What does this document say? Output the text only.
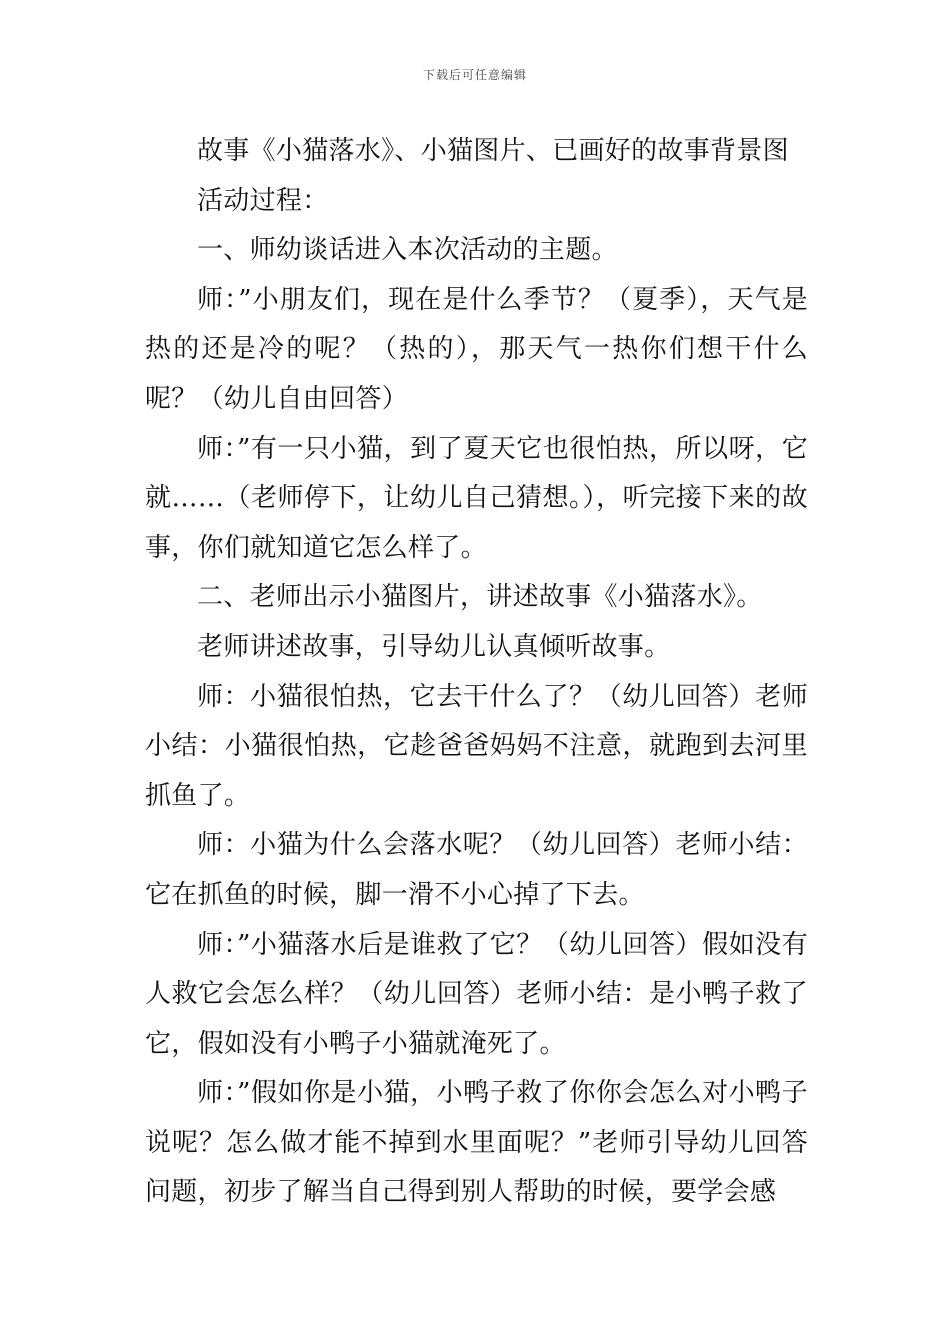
下载后可任意编辑

故事《小猫落水》、小猫图片、已画好的故事背景图

活动过程：

一、师幼谈话进入本次活动的主题。

师：”小朋友们，现在是什么季节？（夏季），天气是热的还是冷的呢？（热的），那天气一热你们想干什么呢？（幼儿自由回答）

师：”有一只小猫，到了夏天它也很怕热，所以呀，它就……（老师停下，让幼儿自己猜想。），听完接下来的故事，你们就知道它怎么样了。

二、老师出示小猫图片，讲述故事《小猫落水》。

老师讲述故事，引导幼儿认真倾听故事。

师：小猫很怕热，它去干什么了？（幼儿回答）老师小结：小猫很怕热，它趁爸爸妈妈不注意，就跑到去河里抓鱼了。

师：小猫为什么会落水呢？（幼儿回答）老师小结：它在抓鱼的时候，脚一滑不小心掉了下去。

师：”小猫落水后是谁救了它？（幼儿回答）假如没有人救它会怎么样？（幼儿回答）老师小结：是小鸭子救了它，假如没有小鸭子小猫就淹死了。

师：”假如你是小猫，小鸭子救了你你会怎么对小鸭子说呢？怎么做才能不掉到水里面呢？”老师引导幼儿回答问题，初步了解当自己得到别人帮助的时候，要学会感
